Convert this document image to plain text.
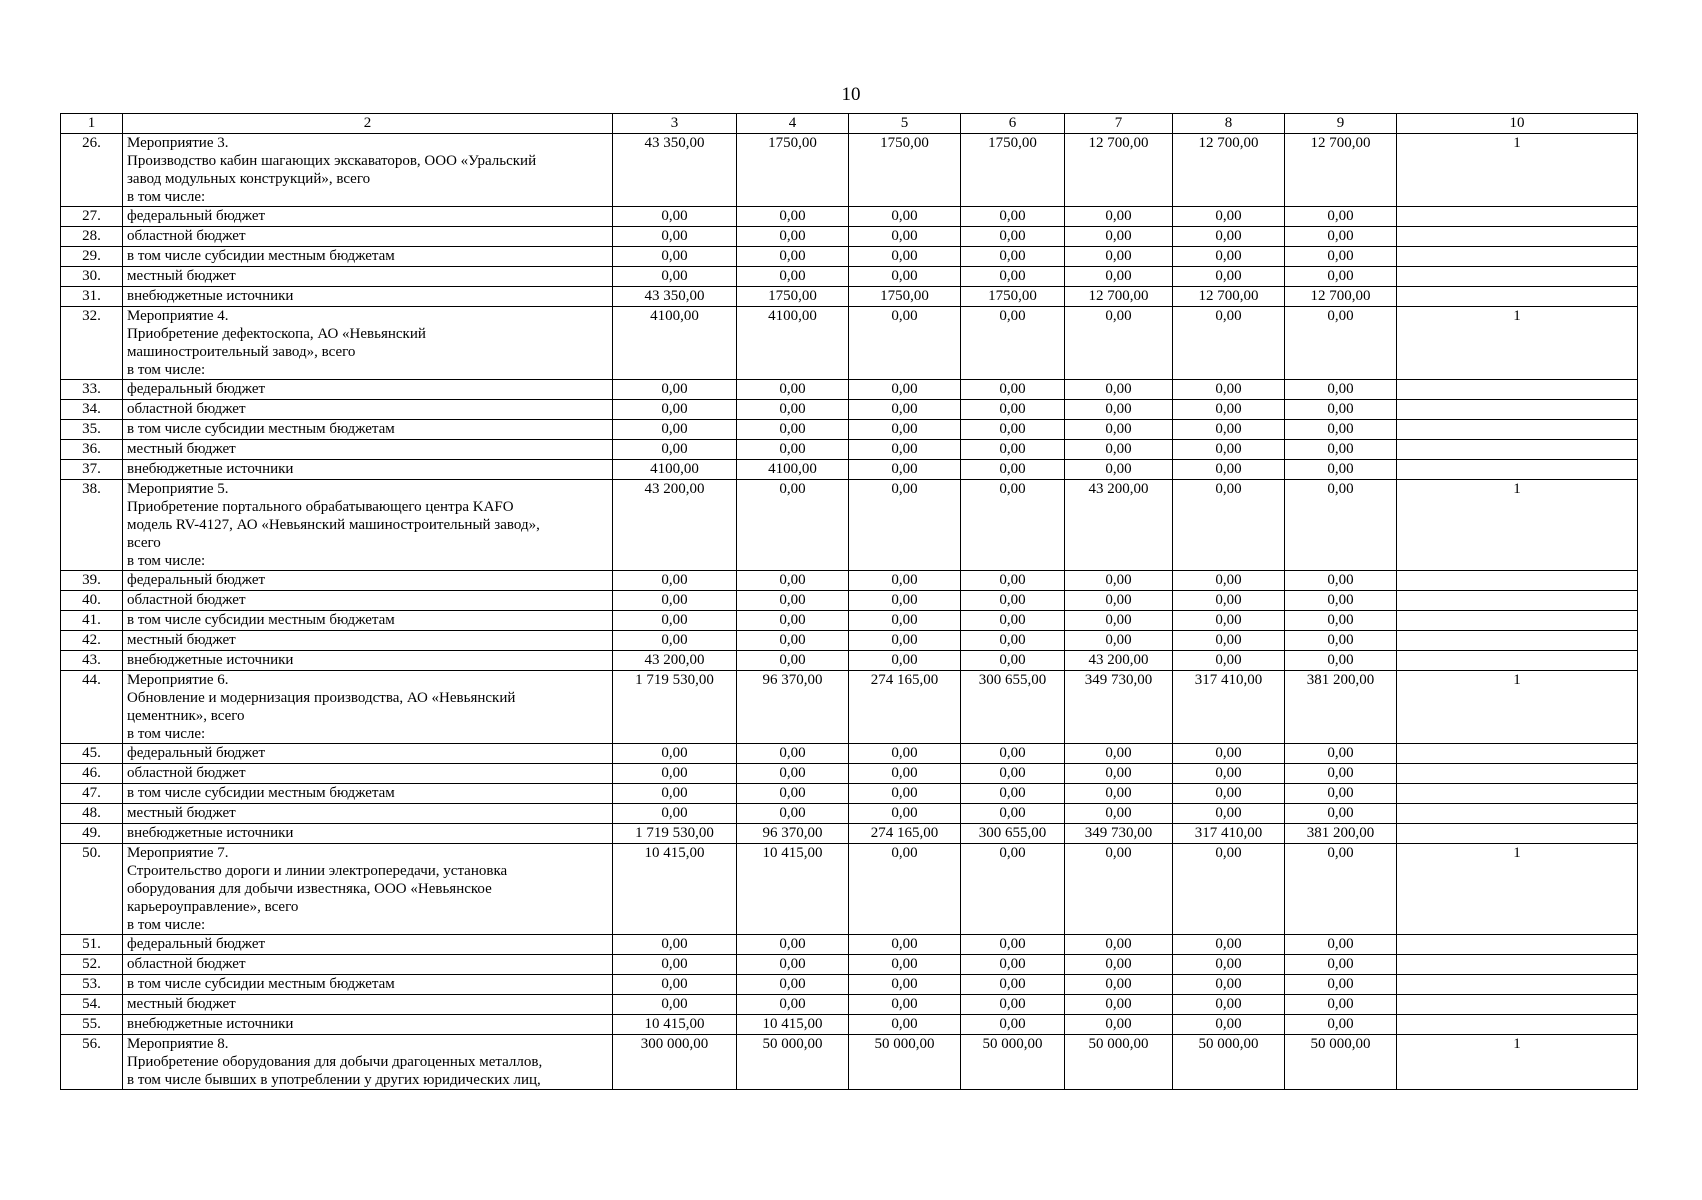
10
1	2	3	4	5	6	7	8	9	10
26.	Мероприятие 3.
Производство кабин шагающих экскаваторов, ООО «Уральский
завод модульных конструкций», всего
в том числе:	43 350,00	1750,00	1750,00	1750,00	12 700,00	12 700,00	12 700,00	1
27.	федеральный бюджет	0,00	0,00	0,00	0,00	0,00	0,00	0,00	
28.	областной бюджет	0,00	0,00	0,00	0,00	0,00	0,00	0,00	
29.	в том числе субсидии местным бюджетам	0,00	0,00	0,00	0,00	0,00	0,00	0,00	
30.	местный бюджет	0,00	0,00	0,00	0,00	0,00	0,00	0,00	
31.	внебюджетные источники	43 350,00	1750,00	1750,00	1750,00	12 700,00	12 700,00	12 700,00	
32.	Мероприятие 4.
Приобретение дефектоскопа, АО «Невьянский
машиностроительный завод», всего
в том числе:	4100,00	4100,00	0,00	0,00	0,00	0,00	0,00	1
33.	федеральный бюджет	0,00	0,00	0,00	0,00	0,00	0,00	0,00	
34.	областной бюджет	0,00	0,00	0,00	0,00	0,00	0,00	0,00	
35.	в том числе субсидии местным бюджетам	0,00	0,00	0,00	0,00	0,00	0,00	0,00	
36.	местный бюджет	0,00	0,00	0,00	0,00	0,00	0,00	0,00	
37.	внебюджетные источники	4100,00	4100,00	0,00	0,00	0,00	0,00	0,00	
38.	Мероприятие 5.
Приобретение портального обрабатывающего центра KAFO
модель RV-4127, АО «Невьянский машиностроительный завод»,
всего
в том числе:	43 200,00	0,00	0,00	0,00	43 200,00	0,00	0,00	1
39.	федеральный бюджет	0,00	0,00	0,00	0,00	0,00	0,00	0,00	
40.	областной бюджет	0,00	0,00	0,00	0,00	0,00	0,00	0,00	
41.	в том числе субсидии местным бюджетам	0,00	0,00	0,00	0,00	0,00	0,00	0,00	
42.	местный бюджет	0,00	0,00	0,00	0,00	0,00	0,00	0,00	
43.	внебюджетные источники	43 200,00	0,00	0,00	0,00	43 200,00	0,00	0,00	
44.	Мероприятие 6.
Обновление и модернизация производства, АО «Невьянский
цементник», всего
в том числе:	1 719 530,00	96 370,00	274 165,00	300 655,00	349 730,00	317 410,00	381 200,00	1
45.	федеральный бюджет	0,00	0,00	0,00	0,00	0,00	0,00	0,00	
46.	областной бюджет	0,00	0,00	0,00	0,00	0,00	0,00	0,00	
47.	в том числе субсидии местным бюджетам	0,00	0,00	0,00	0,00	0,00	0,00	0,00	
48.	местный бюджет	0,00	0,00	0,00	0,00	0,00	0,00	0,00	
49.	внебюджетные источники	1 719 530,00	96 370,00	274 165,00	300 655,00	349 730,00	317 410,00	381 200,00	
50.	Мероприятие 7.
Строительство дороги и линии электропередачи, установка
оборудования для добычи известняка, ООО «Невьянское
карьероуправление», всего
в том числе:	10 415,00	10 415,00	0,00	0,00	0,00	0,00	0,00	1
51.	федеральный бюджет	0,00	0,00	0,00	0,00	0,00	0,00	0,00	
52.	областной бюджет	0,00	0,00	0,00	0,00	0,00	0,00	0,00	
53.	в том числе субсидии местным бюджетам	0,00	0,00	0,00	0,00	0,00	0,00	0,00	
54.	местный бюджет	0,00	0,00	0,00	0,00	0,00	0,00	0,00	
55.	внебюджетные источники	10 415,00	10 415,00	0,00	0,00	0,00	0,00	0,00	
56.	Мероприятие 8.
Приобретение оборудования для добычи драгоценных металлов,
в том числе бывших в употреблении у других юридических лиц,	300 000,00	50 000,00	50 000,00	50 000,00	50 000,00	50 000,00	50 000,00	1
